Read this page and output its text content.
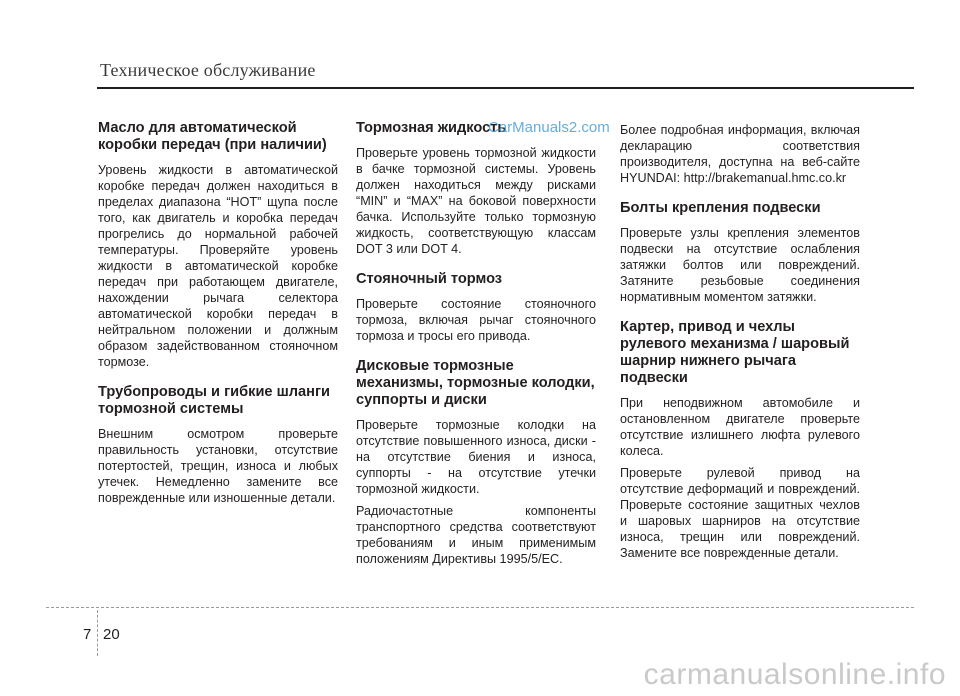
Техническое обслуживание
Масло для автоматической коробки передач (при наличии)

Уровень жидкости в автоматической коробке передач должен находиться в пределах диапазона “HOT” щупа после того, как двигатель и коробка передач прогрелись до нормальной рабочей температуры. Проверяйте уровень жидкости в автоматической коробке передач при работающем двигателе, нахождении рычага селектора автоматической коробки передач в нейтральном положении и должным образом задействованном стояночном тормозе.

Трубопроводы и гибкие шланги тормозной системы

Внешним осмотром проверьте правильность установки, отсутствие потертостей, трещин, износа и любых утечек. Немедленно замените все поврежденные или изношенные детали.

Тормозная жидкость

Проверьте уровень тормозной жидкости в бачке тормозной системы. Уровень должен находиться между рисками “MIN” и “MAX” на боковой поверхности бачка. Используйте только тормозную жидкость, соответствующую классам DOT 3 или DOT 4.

Стояночный тормоз

Проверьте состояние стояночного тормоза, включая рычаг стояночного тормоза и тросы его привода.

Дисковые тормозные механизмы, тормозные колодки, суппорты и диски

Проверьте тормозные колодки на отсутствие повышенного износа, диски - на отсутствие биения и износа, суппорты - на отсутствие утечки тормозной жидкости.

Радиочастотные компоненты транспортного средства соответствуют требованиям и иным применимым положениям Директивы 1995/5/EC.

Более подробная информация, включая декларацию соответствия производителя, доступна на веб-сайте HYUNDAI: http://brakemanual.hmc.co.kr

Болты крепления подвески

Проверьте узлы крепления элементов подвески на отсутствие ослабления затяжки болтов или повреждений. Затяните резьбовые соединения нормативным моментом затяжки.

Картер, привод и чехлы рулевого механизма / шаровый шарнир нижнего рычага подвески

При неподвижном автомобиле и остановленном двигателе проверьте отсутствие излишнего люфта рулевого колеса.

Проверьте рулевой привод на отсутствие деформаций и повреждений. Проверьте состояние защитных чехлов и шаровых шарниров на отсутствие износа, трещин или повреждений. Замените все поврежденные детали.

CarManuals2.com
7 20
carmanualsonline.info
